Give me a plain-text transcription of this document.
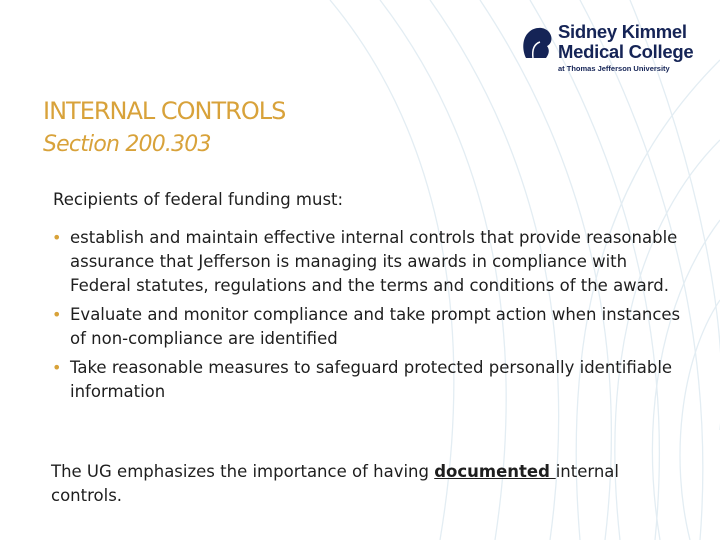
Sidney Kimmel
Medical College
at Thomas Jefferson University
INTERNAL CONTROLS
Section 200.303
Recipients of federal funding must:
• establish and maintain effective internal controls that provide reasonable assurance that Jefferson is managing its awards in compliance with Federal statutes, regulations and the terms and conditions of the award.
• Evaluate and monitor compliance and take prompt action when instances of non-compliance are identified
• Take reasonable measures to safeguard protected personally identifiable information
The UG emphasizes the importance of having documented internal controls.
